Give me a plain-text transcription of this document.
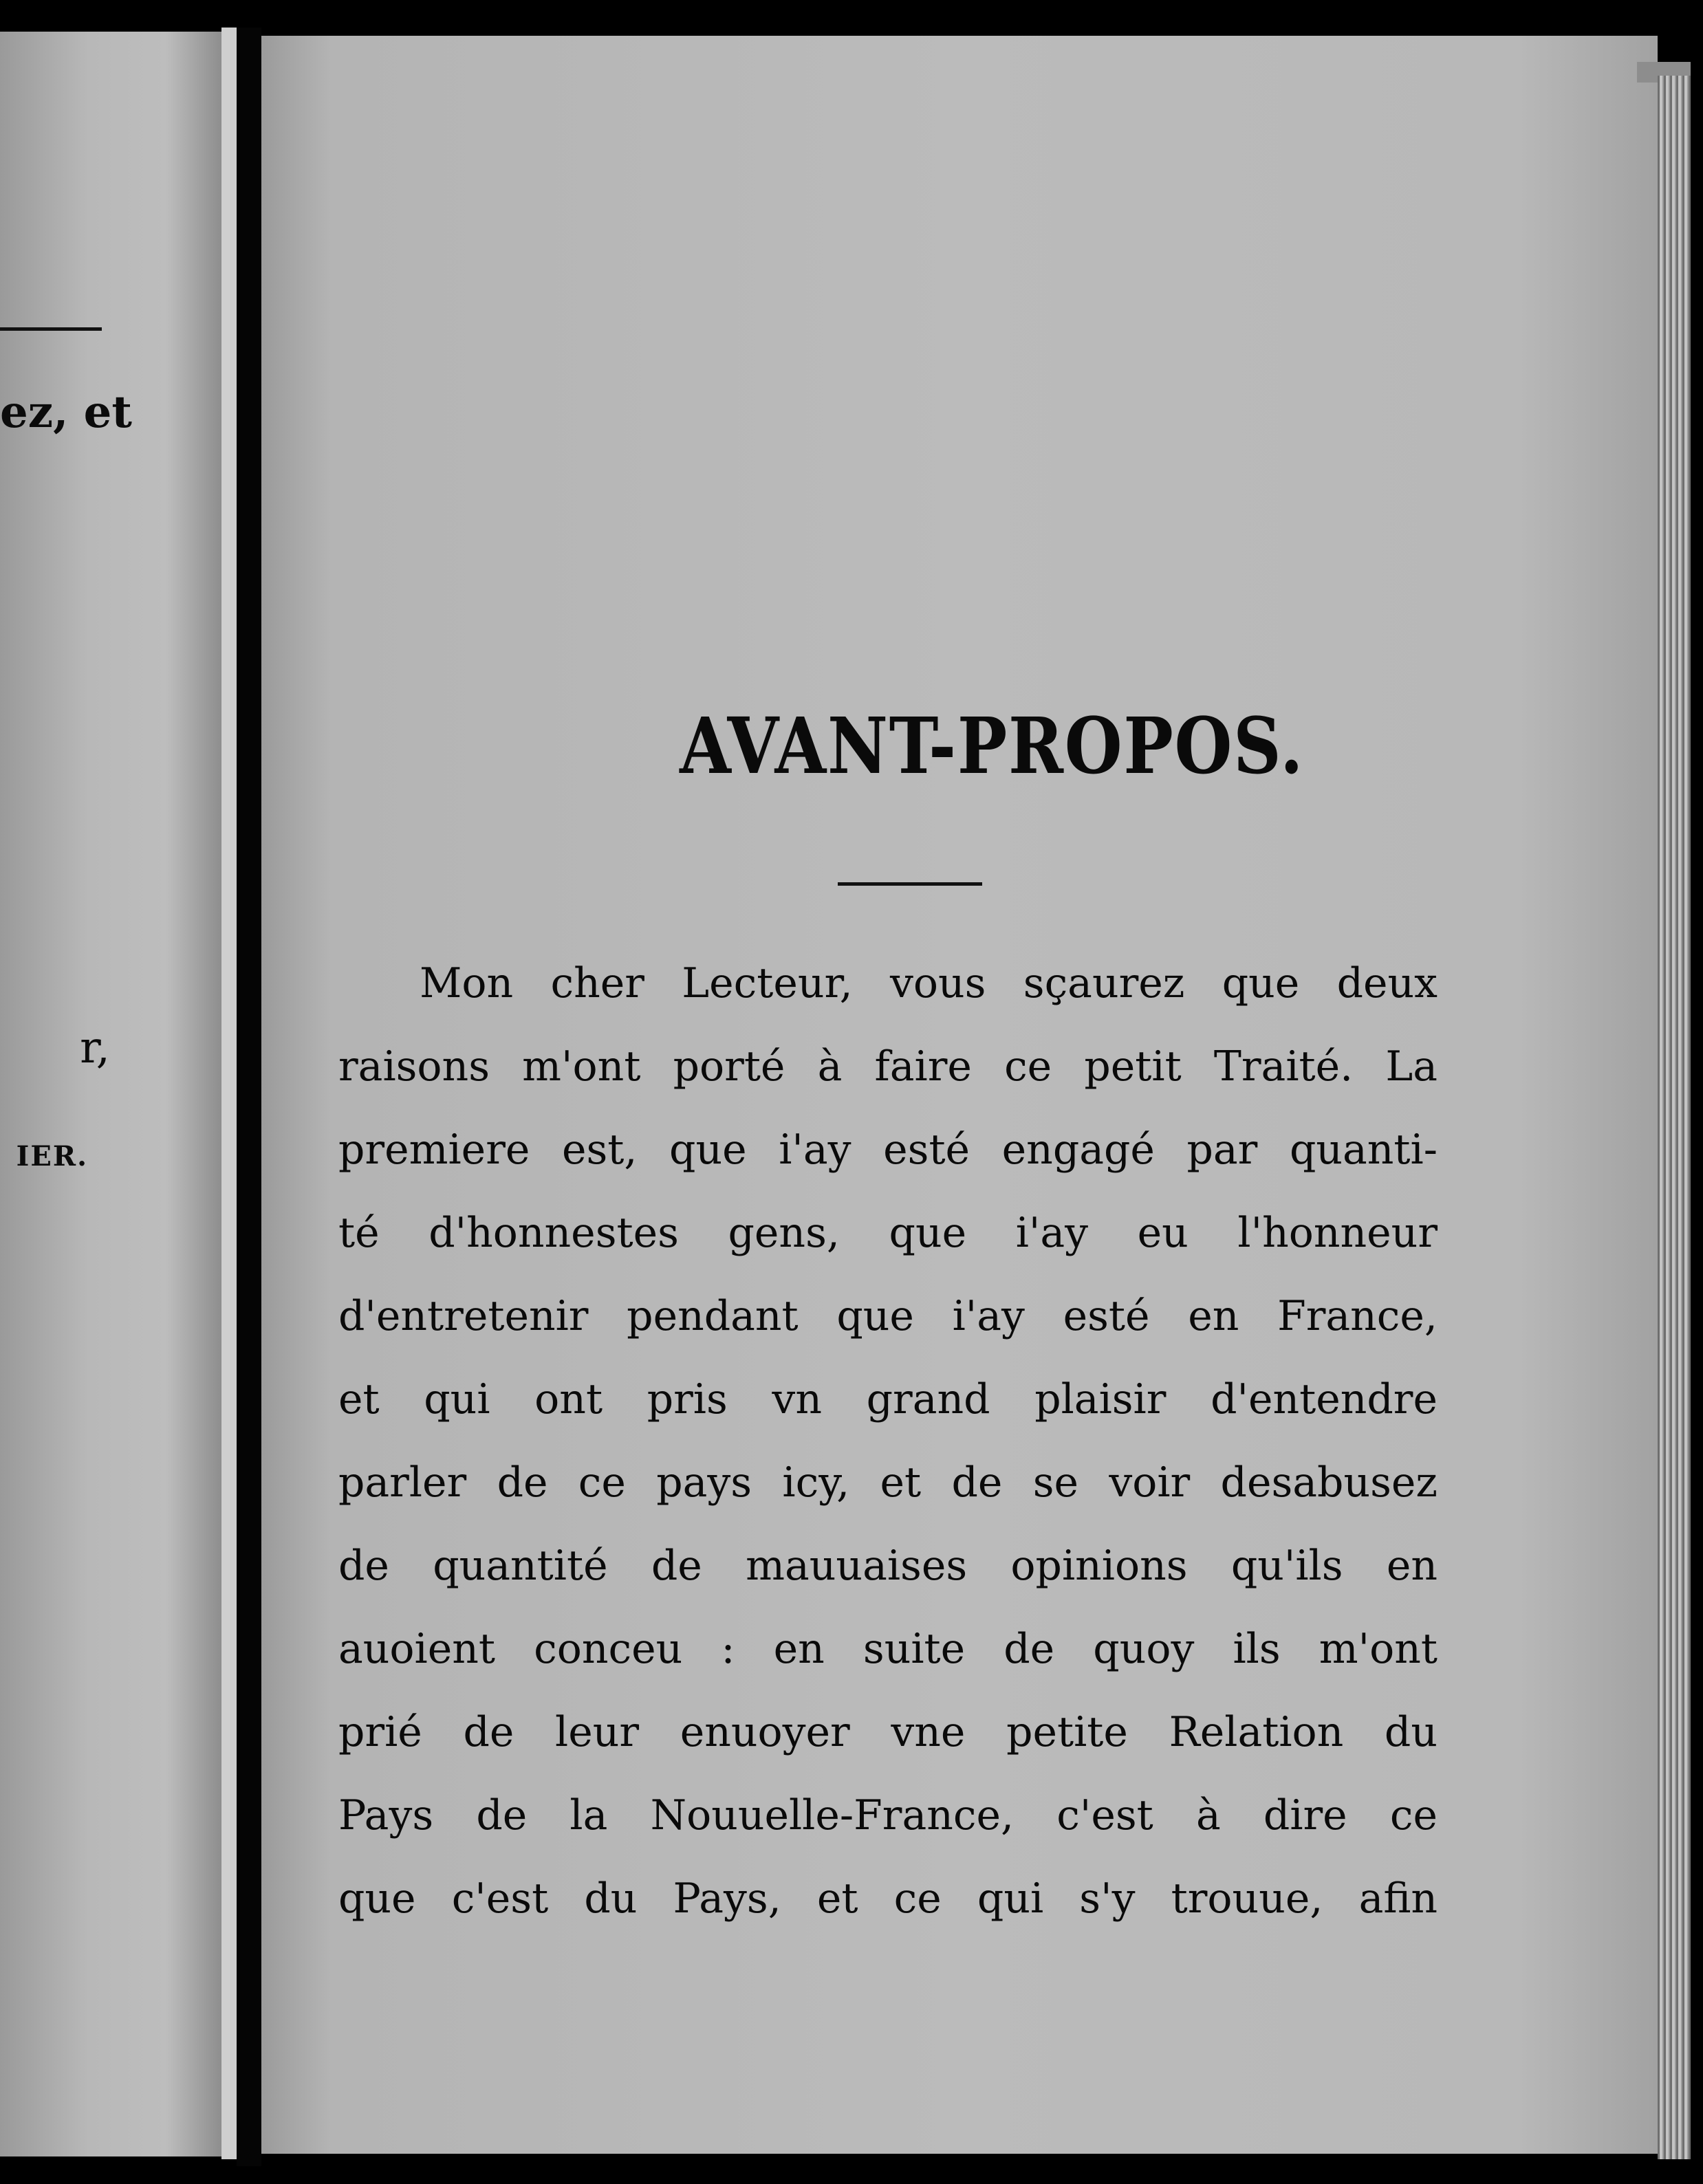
ez, et
r,
IER.
AVANT-PROPOS.
Mon cher Lecteur, vous sçaurez que deux
raisons m'ont porté à faire ce petit Traité. La
premiere est, que i'ay esté engagé par quanti-
té d'honnestes gens, que i'ay eu l'honneur
d'entretenir pendant que i'ay esté en France,
et qui ont pris vn grand plaisir d'entendre
parler de ce pays icy, et de se voir desabusez
de quantité de mauuaises opinions qu'ils en
auoient conceu : en suite de quoy ils m'ont
prié de leur enuoyer vne petite Relation du
Pays de la Nouuelle-France, c'est à dire ce
que c'est du Pays, et ce qui s'y trouue, afin
